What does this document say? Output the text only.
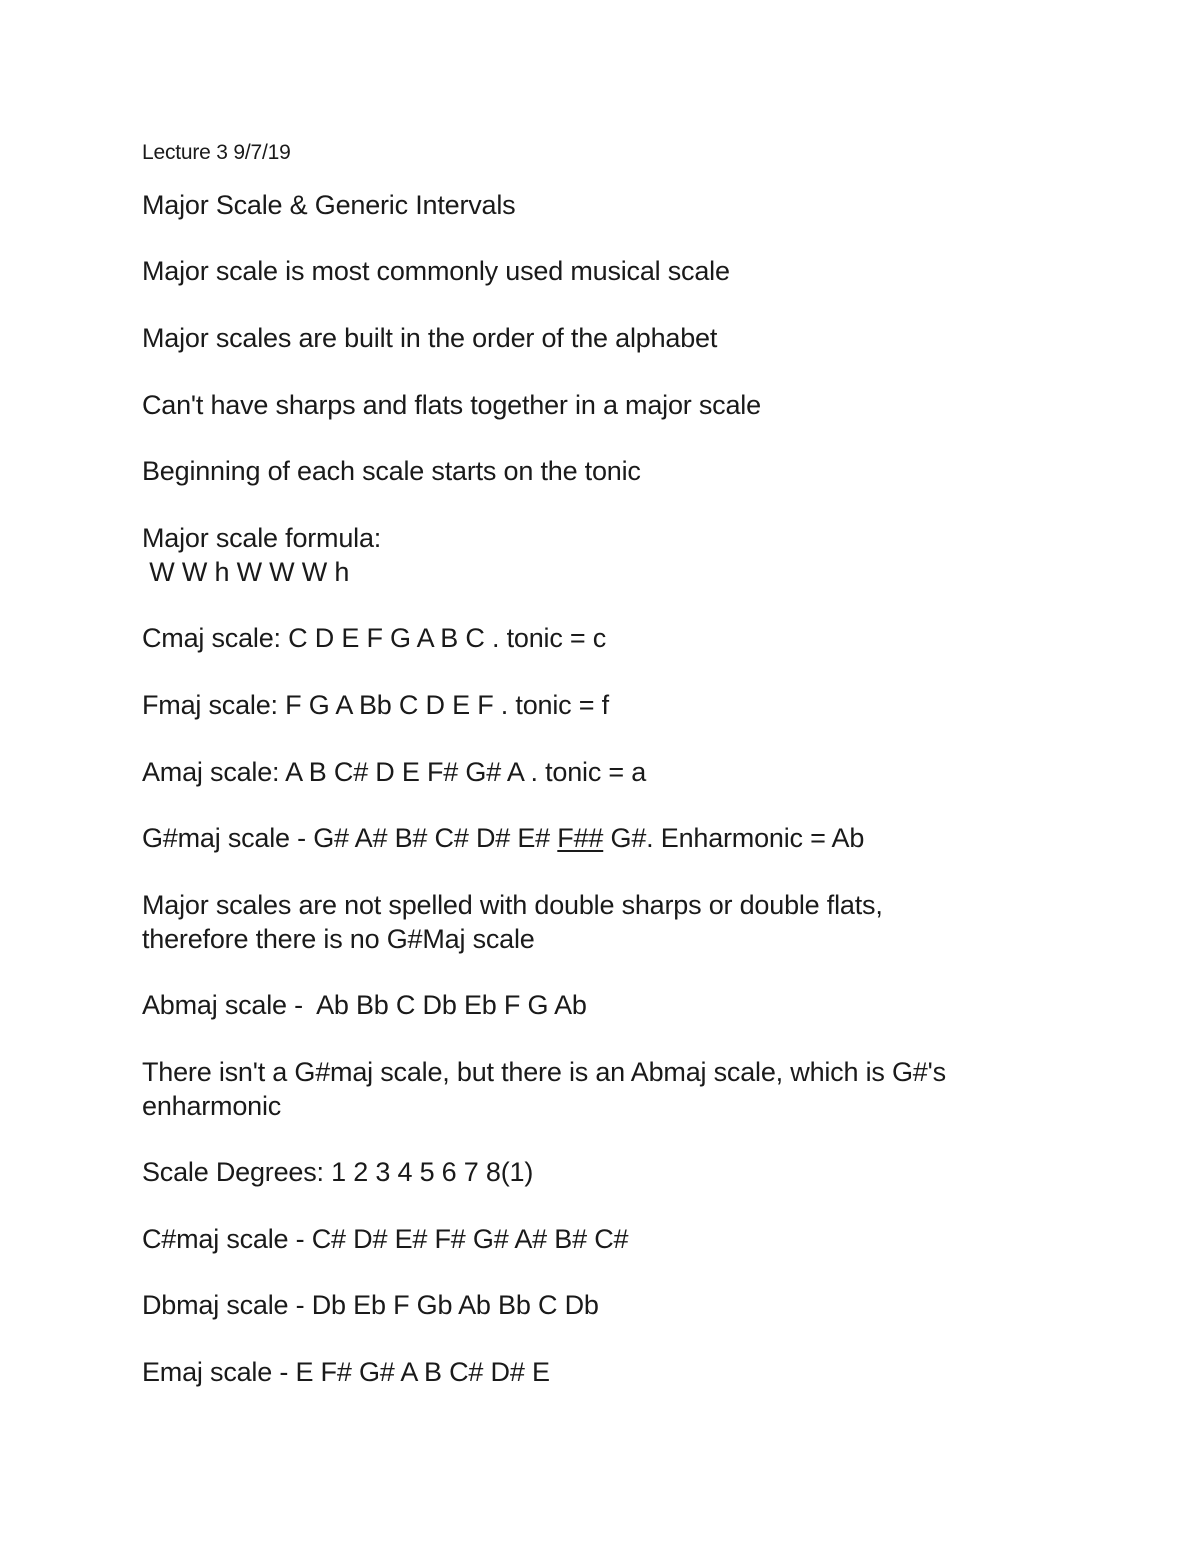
Lecture 3 9/7/19
Major Scale & Generic Intervals
Major scale is most commonly used musical scale
Major scales are built in the order of the alphabet
Can't have sharps and flats together in a major scale
Beginning of each scale starts on the tonic
Major scale formula:
W W h W W W h
Cmaj scale: C D E F G A B C . tonic = c
Fmaj scale: F G A Bb C D E F . tonic = f
Amaj scale: A B C# D E F# G# A . tonic = a
G#maj scale - G# A# B# C# D# E# F## G#. Enharmonic = Ab
Major scales are not spelled with double sharps or double flats,
therefore there is no G#Maj scale
Abmaj scale -  Ab Bb C Db Eb F G Ab
There isn't a G#maj scale, but there is an Abmaj scale, which is G#'s
enharmonic
Scale Degrees: 1 2 3 4 5 6 7 8(1)
C#maj scale - C# D# E# F# G# A# B# C#
Dbmaj scale - Db Eb F Gb Ab Bb C Db
Emaj scale - E F# G# A B C# D# E
